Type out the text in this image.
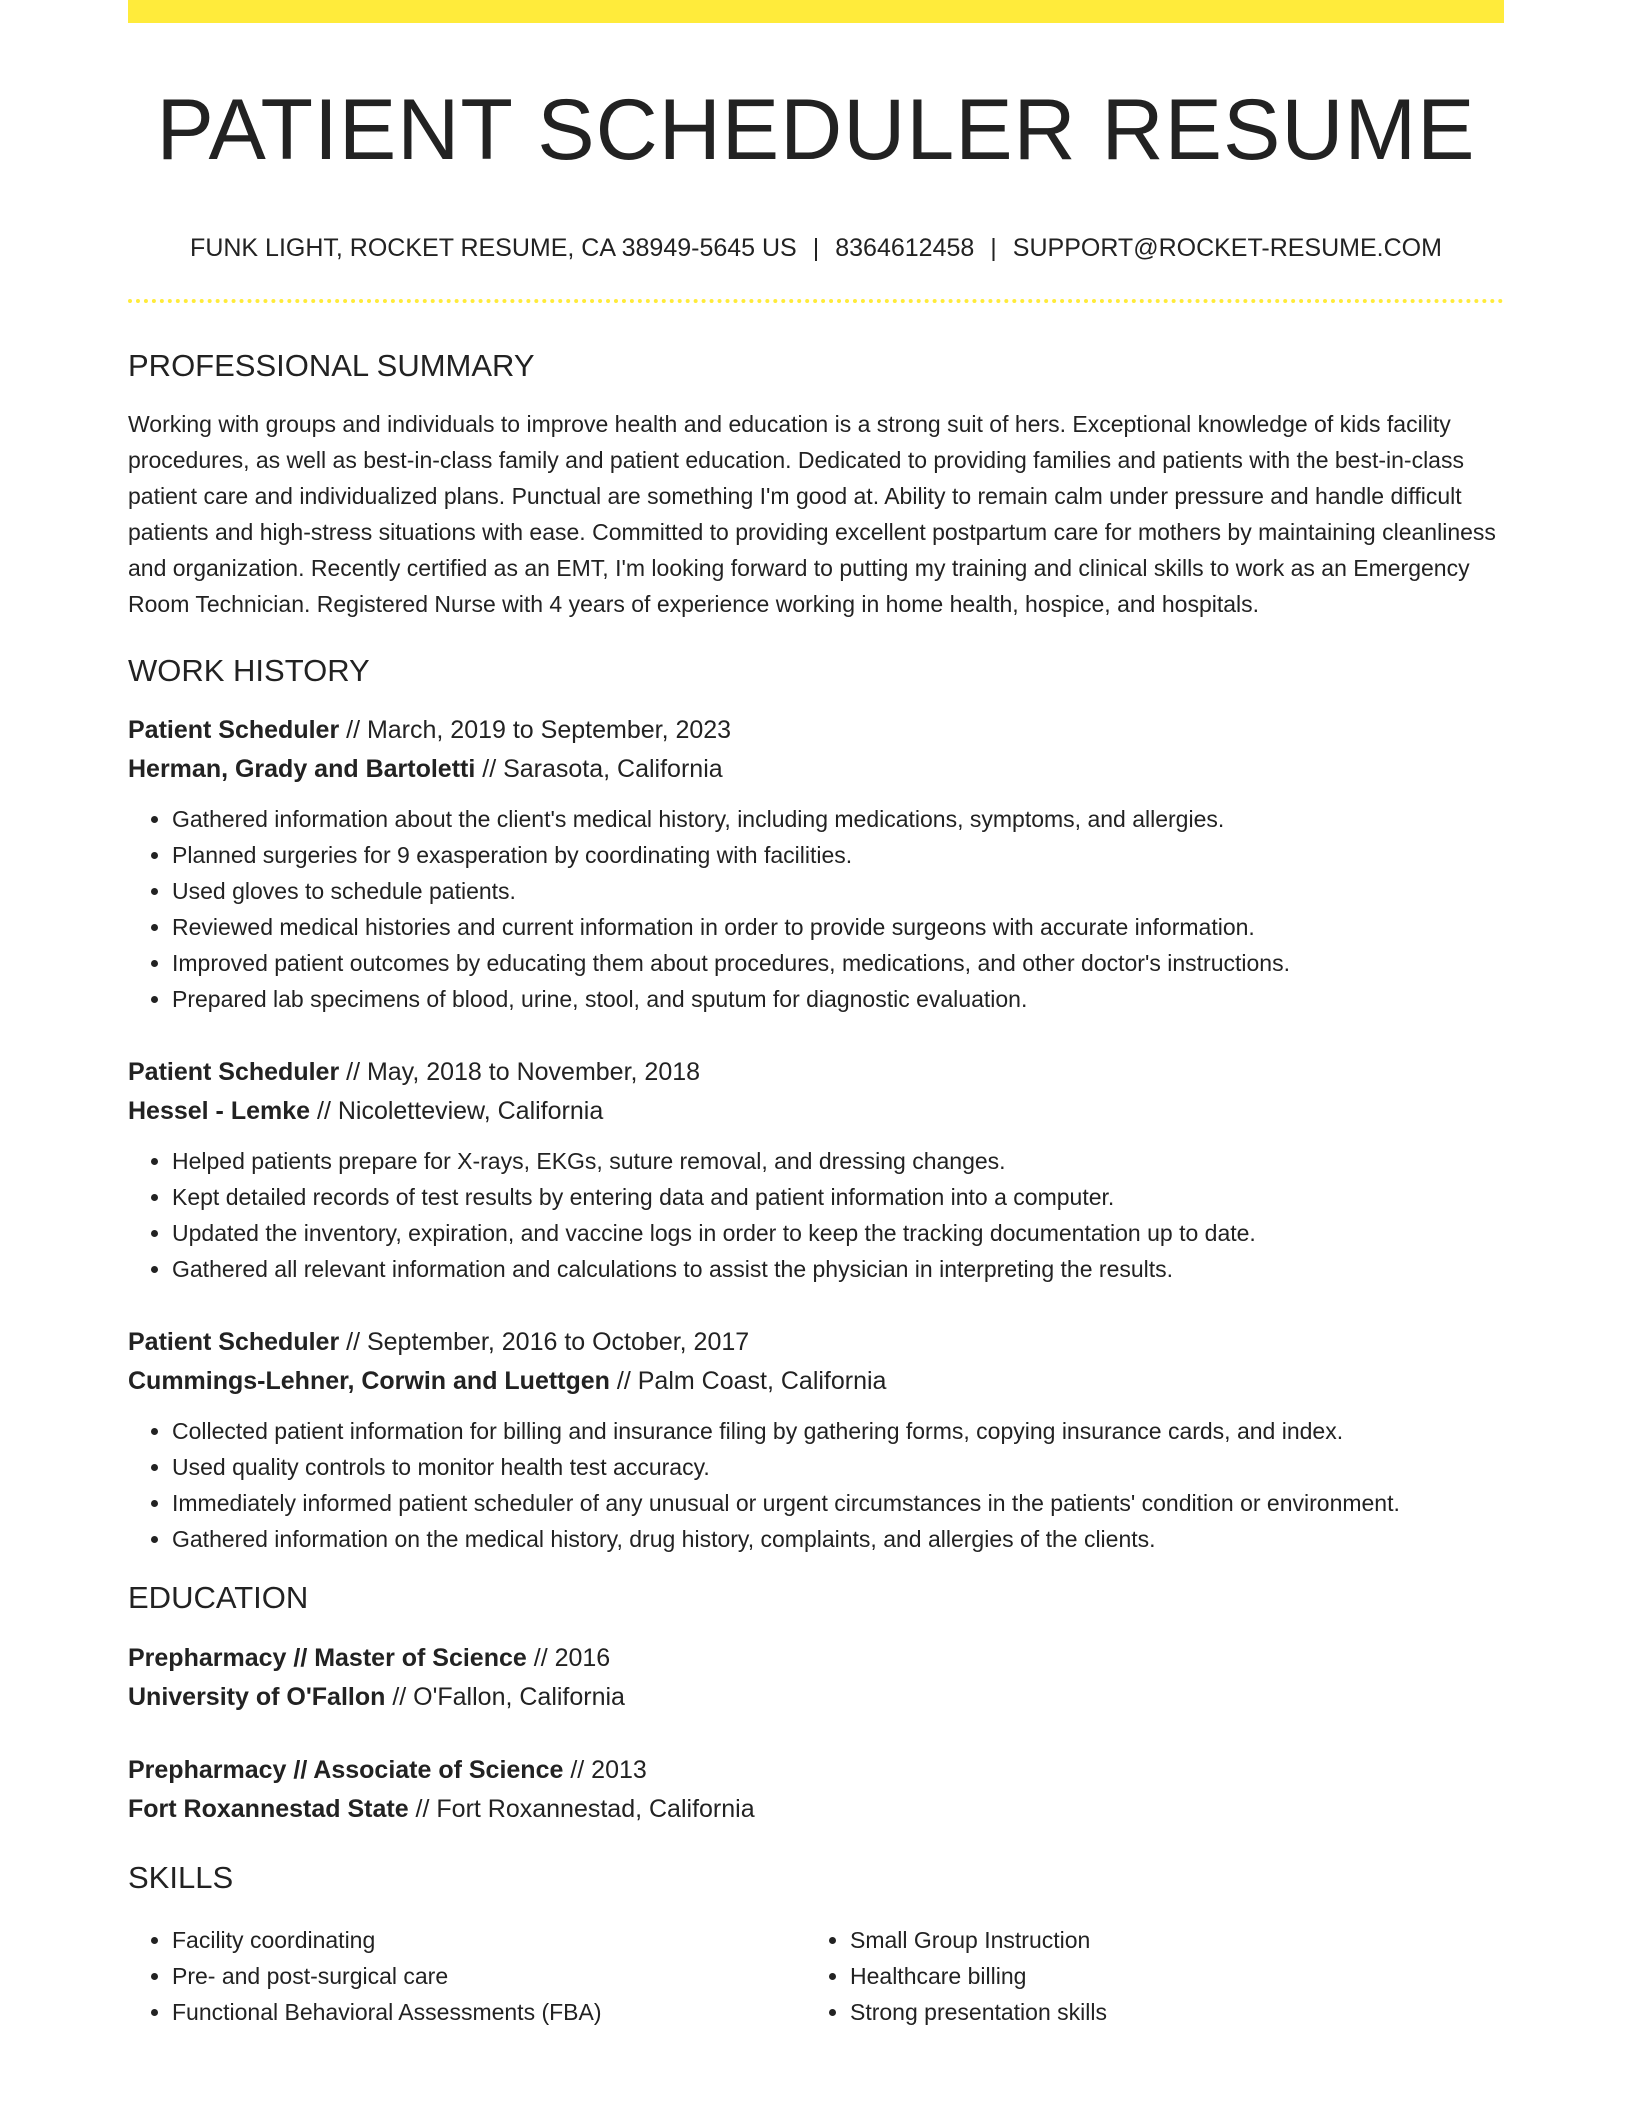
PATIENT SCHEDULER RESUME
FUNK LIGHT, ROCKET RESUME, CA 38949-5645 US | 8364612458 | SUPPORT@ROCKET-RESUME.COM
PROFESSIONAL SUMMARY

Working with groups and individuals to improve health and education is a strong suit of hers. Exceptional knowledge of kids facility procedures, as well as best-in-class family and patient education. Dedicated to providing families and patients with the best-in-class patient care and individualized plans. Punctual are something I'm good at. Ability to remain calm under pressure and handle difficult patients and high-stress situations with ease. Committed to providing excellent postpartum care for mothers by maintaining cleanliness and organization. Recently certified as an EMT, I'm looking forward to putting my training and clinical skills to work as an Emergency Room Technician. Registered Nurse with 4 years of experience working in home health, hospice, and hospitals.

WORK HISTORY
Patient Scheduler // March, 2019 to September, 2023
Herman, Grady and Bartoletti // Sarasota, California
• Gathered information about the client's medical history, including medications, symptoms, and allergies.
• Planned surgeries for 9 exasperation by coordinating with facilities.
• Used gloves to schedule patients.
• Reviewed medical histories and current information in order to provide surgeons with accurate information.
• Improved patient outcomes by educating them about procedures, medications, and other doctor's instructions.
• Prepared lab specimens of blood, urine, stool, and sputum for diagnostic evaluation.
Patient Scheduler // May, 2018 to November, 2018
Hessel - Lemke // Nicoletteview, California
• Helped patients prepare for X-rays, EKGs, suture removal, and dressing changes.
• Kept detailed records of test results by entering data and patient information into a computer.
• Updated the inventory, expiration, and vaccine logs in order to keep the tracking documentation up to date.
• Gathered all relevant information and calculations to assist the physician in interpreting the results.
Patient Scheduler // September, 2016 to October, 2017
Cummings-Lehner, Corwin and Luettgen // Palm Coast, California
• Collected patient information for billing and insurance filing by gathering forms, copying insurance cards, and index.
• Used quality controls to monitor health test accuracy.
• Immediately informed patient scheduler of any unusual or urgent circumstances in the patients' condition or environment.
• Gathered information on the medical history, drug history, complaints, and allergies of the clients.
EDUCATION
Prepharmacy // Master of Science // 2016
University of O'Fallon // O'Fallon, California
Prepharmacy // Associate of Science // 2013
Fort Roxannestad State // Fort Roxannestad, California
SKILLS
• Facility coordinating
• Pre- and post-surgical care
• Functional Behavioral Assessments (FBA)
• Small Group Instruction
• Healthcare billing
• Strong presentation skills
